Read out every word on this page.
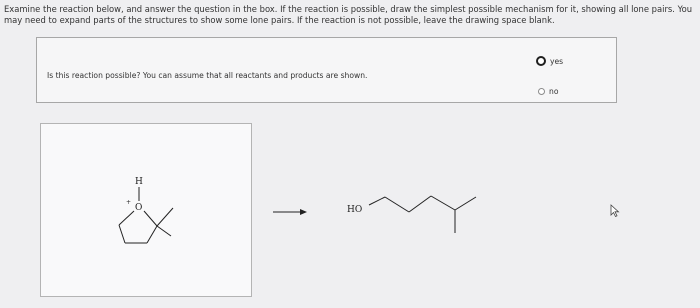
Examine the reaction below, and answer the question in the box. If the reaction is possible, draw the simplest possible mechanism for it, showing all lone pairs. You may need to expand parts of the structures to show some lone pairs. If the reaction is not possible, leave the drawing space blank.
Is this reaction possible? You can assume that all reactants and products are shown.
yes
no
H
O
+
HO
